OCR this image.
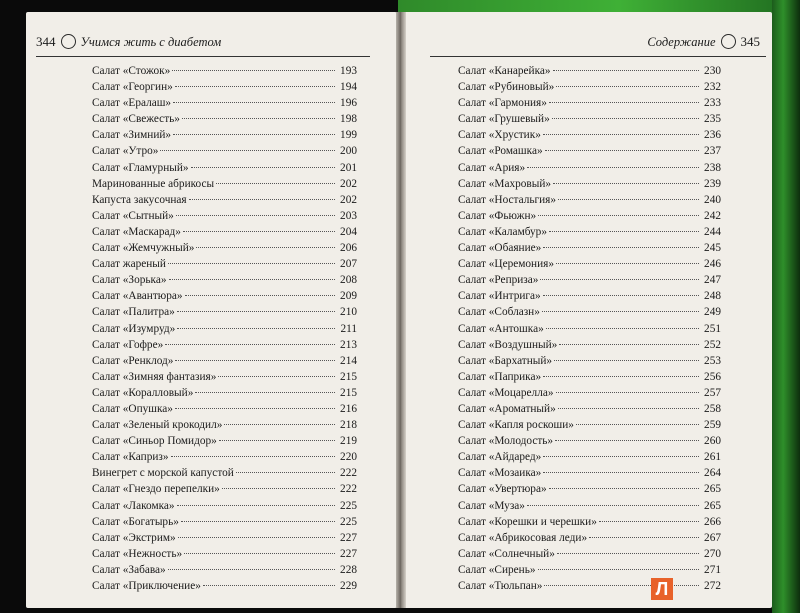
344 Учимся жить с диабетом	Содержание 345
Салат «Стожок»	193
Салат «Георгин»	194
Салат «Ералаш»	196
Салат «Свежесть»	198
Салат «Зимний»	199
Салат «Утро»	200
Салат «Гламурный»	201
Маринованные абрикосы	202
Капуста закусочная	202
Салат «Сытный»	203
Салат «Маскарад»	204
Салат «Жемчужный»	206
Салат жареный	207
Салат «Зорька»	208
Салат «Авантюра»	209
Салат «Палитра»	210
Салат «Изумруд»	211
Салат «Гофре»	213
Салат «Ренклод»	214
Салат «Зимняя фантазия»	215
Салат «Коралловый»	215
Салат «Опушка»	216
Салат «Зеленый крокодил»	218
Салат «Синьор Помидор»	219
Салат «Каприз»	220
Винегрет с морской капустой	222
Салат «Гнездо перепелки»	222
Салат «Лакомка»	225
Салат «Богатырь»	225
Салат «Экстрим»	227
Салат «Нежность»	227
Салат «Забава»	228
Салат «Приключение»	229
Салат «Канарейка»	230
Салат «Рубиновый»	232
Салат «Гармония»	233
Салат «Грушевый»	235
Салат «Хрустик»	236
Салат «Ромашка»	237
Салат «Ария»	238
Салат «Махровый»	239
Салат «Ностальгия»	240
Салат «Фьюжн»	242
Салат «Каламбур»	244
Салат «Обаяние»	245
Салат «Церемония»	246
Салат «Реприза»	247
Салат «Интрига»	248
Салат «Соблазн»	249
Салат «Антошка»	251
Салат «Воздушный»	252
Салат «Бархатный»	253
Салат «Паприка»	256
Салат «Моцарелла»	257
Салат «Ароматный»	258
Салат «Капля роскоши»	259
Салат «Молодость»	260
Салат «Айдаред»	261
Салат «Мозаика»	264
Салат «Увертюра»	265
Салат «Муза»	265
Салат «Корешки и черешки»	266
Салат «Абрикосовая леди»	267
Салат «Солнечный»	270
Салат «Сирень»	271
Салат «Тюльпан»	272
Л
